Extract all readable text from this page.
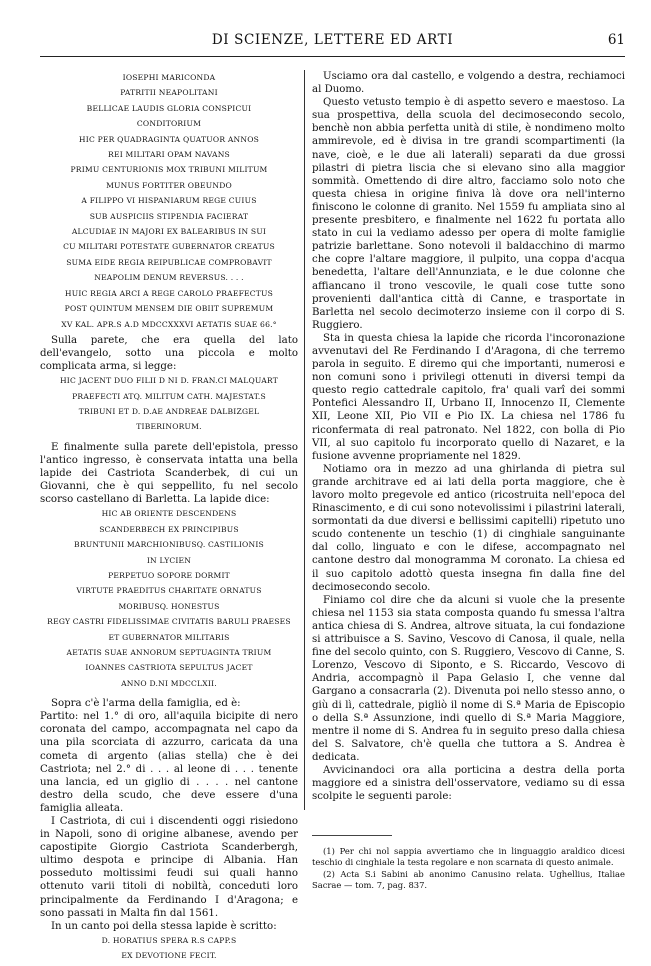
DI SCIENZE, LETTERE ED ARTI	61

IOSEPHI MARICONDA

PATRITII NEAPOLITANI

BELLICAE LAUDIS GLORIA CONSPICUI

CONDITORIUM

HIC PER QUADRAGINTA QUATUOR ANNOS

REI MILITARI OPAM NAVANS

PRIMU CENTURIONIS MOX TRIBUNI MILITUM

MUNUS FORTITER OBEUNDO

A FILIPPO VI HISPANIARUM REGE CUIUS

SUB AUSPICIIS STIPENDIA FACIERAT

ALCUDIAE IN MAJORI EX BALEARIBUS IN SUI

CU MILITARI POTESTATE GUBERNATOR CREATUS

SUMA EIDE REGIA REIPUBLICAE COMPROBAVIT

NEAPOLIM DENUM REVERSUS. . . .

HUIC REGIA ARCI A REGE CAROLO PRAEFECTUS

POST QUINTUM MENSEM DIE OBIIT SUPREMUM

XV KAL. APR.S A.D MDCCXXXVI AETATIS SUAE 66.°

Sulla parete, che era quella del lato dell'evangelo, sotto una piccola e molto complicata arma, si legge:

HIC JACENT DUO FILII D NI D. FRAN.CI MALQUART

PRAEFECTI ATQ. MILITUM CATH. MAJESTAT.S

TRIBUNI ET D. D.AE ANDREAE DALBIZGEL

TIBERINORUM.

E finalmente sulla parete dell'epistola, presso l'antico ingresso, è conservata intatta una bella lapide dei Castriota Scanderbek, di cui un Giovanni, che è qui seppellito, fu nel secolo scorso castellano di Barletta. La lapide dice:

HIC AB ORIENTE DESCENDENS

SCANDERBECH EX PRINCIPIBUS

BRUNTUNII MARCHIONIBUSQ. CASTILIONIS

IN LYCIEN

PERPETUO SOPORE DORMIT

VIRTUTE PRAEDITUS CHARITATE ORNATUS

MORIBUSQ. HONESTUS

REGY CASTRI FIDELISSIMAE CIVITATIS BARULI PRAESES

ET GUBERNATOR MILITARIS

AETATIS SUAE ANNORUM SEPTUAGINTA TRIUM

IOANNES CASTRIOTA SEPULTUS JACET

ANNO D.NI MDCCLXII.

Sopra c'è l'arma della famiglia, ed è:

Partito: nel 1.° di oro, all'aquila bicipite di nero coronata del campo, accompagnata nel capo da una pila scorciata di azzurro, caricata da una cometa di argento (alias stella) che è dei Castriota; nel 2.° di . . . al leone di . . . tenente una lancia, ed un giglio di . . . . nel cantone destro della scudo, che deve essere d'una famiglia alleata.

I Castriota, di cui i discendenti oggi risiedono in Napoli, sono di origine albanese, avendo per capostipite Giorgio Castriota Scanderbergh, ultimo despota e principe di Albania. Han posseduto moltissimi feudi sui quali hanno ottenuto varii titoli di nobiltà, conceduti loro principalmente da Ferdinando I d'Aragona; e sono passati in Malta fin dal 1561.

In un canto poi della stessa lapide è scritto:

D. HORATIUS SPERA R.S CAPP.S

EX DEVOTIONE FECIT.

Usciamo ora dal castello, e volgendo a destra, rechiamoci al Duomo.

Questo vetusto tempio è di aspetto severo e maestoso. La sua prospettiva, della scuola del decimosecondo secolo, benchè non abbia perfetta unità di stile, è nondimeno molto ammirevole, ed è divisa in tre grandi scompartimenti (la nave, cioè, e le due ali laterali) separati da due grossi pilastri di pietra liscia che si elevano sino alla maggior sommità. Omettendo di dire altro, facciamo solo noto che questa chiesa in origine finiva là dove ora nell'interno finiscono le colonne di granito. Nel 1559 fu ampliata sino al presente presbitero, e finalmente nel 1622 fu portata allo stato in cui la vediamo adesso per opera di molte famiglie patrizie barlettane. Sono notevoli il baldacchino di marmo che copre l'altare maggiore, il pulpito, una coppa d'acqua benedetta, l'altare dell'Annunziata, e le due colonne che affiancano il trono vescovile, le quali cose tutte sono provenienti dall'antica città di Canne, e trasportate in Barletta nel secolo decimoterzo insieme con il corpo di S. Ruggiero.

Sta in questa chiesa la lapide che ricorda l'incoronazione avvenutavi del Re Ferdinando I d'Aragona, di che terremo parola in seguito. E diremo qui che importanti, numerosi e non comuni sono i privilegi ottenuti in diversi tempi da questo regio cattedrale capitolo, fra' quali varî dei sommi Pontefici Alessandro II, Urbano II, Innocenzo II, Clemente XII, Leone XII, Pio VII e Pio IX. La chiesa nel 1786 fu riconfermata di real patronato. Nel 1822, con bolla di Pio VII, al suo capitolo fu incorporato quello di Nazaret, e la fusione avvenne propriamente nel 1829.

Notiamo ora in mezzo ad una ghirlanda di pietra sul grande architrave ed ai lati della porta maggiore, che è lavoro molto pregevole ed antico (ricostruita nell'epoca del Rinascimento, e di cui sono notevolissimi i pilastrini laterali, sormontati da due diversi e bellissimi capitelli) ripetuto uno scudo contenente un teschio (1) di cinghiale sanguinante dal collo, linguato e con le difese, accompagnato nel cantone destro dal monogramma M coronato. La chiesa ed il suo capitolo adottò questa insegna fin dalla fine del decimosecondo secolo.

Finiamo col dire che da alcuni si vuole che la presente chiesa nel 1153 sia stata composta quando fu smessa l'altra antica chiesa di S. Andrea, altrove situata, la cui fondazione si attribuisce a S. Savino, Vescovo di Canosa, il quale, nella fine del secolo quinto, con S. Ruggiero, Vescovo di Canne, S. Lorenzo, Vescovo di Siponto, e S. Riccardo, Vescovo di Andria, accompagnò il Papa Gelasio I, che venne dal Gargano a consacrarla (2). Divenuta poi nello stesso anno, o giù di lì, cattedrale, pigliò il nome di S.ª Maria de Episcopio o della S.ª Assunzione, indi quello di S.ª Maria Maggiore, mentre il nome di S. Andrea fu in seguito preso dalla chiesa del S. Salvatore, ch'è quella che tuttora a S. Andrea è dedicata.

Avvicinandoci ora alla porticina a destra della porta maggiore ed a sinistra dell'osservatore, vediamo su di essa scolpite le seguenti parole:

(1) Per chi nol sappia avvertiamo che in linguaggio araldico dicesi teschio di cinghiale la testa regolare e non scarnata di questo animale.

(2) Acta S.i Sabini ab anonimo Canusino relata. Ughellius, Italiae Sacrae — tom. 7, pag. 837.
